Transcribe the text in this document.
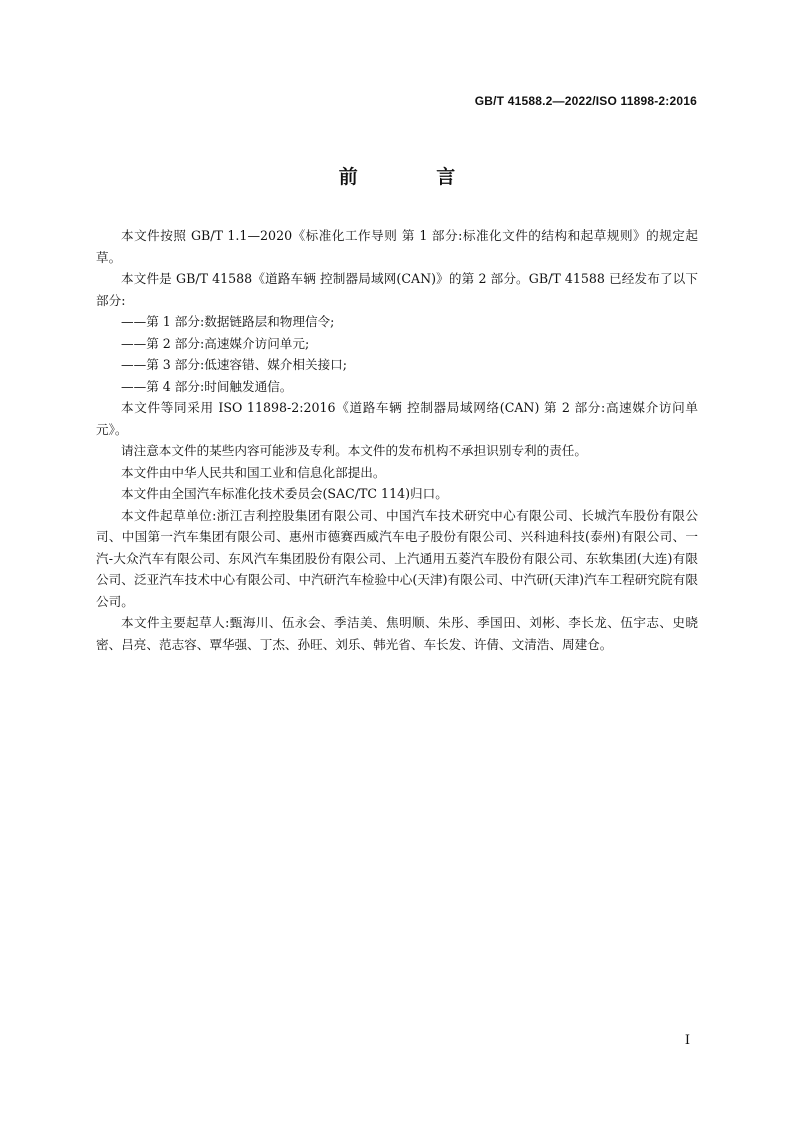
GB/T 41588.2—2022/ISO 11898-2:2016
前 言

本文件按照 GB/T 1.1—2020《标准化工作导则 第 1 部分:标准化文件的结构和起草规则》的规定起草。

本文件是 GB/T 41588《道路车辆 控制器局域网(CAN)》的第 2 部分。GB/T 41588 已经发布了以下部分:

——第 1 部分:数据链路层和物理信令;

——第 2 部分:高速媒介访问单元;

——第 3 部分:低速容错、媒介相关接口;

——第 4 部分:时间触发通信。

本文件等同采用 ISO 11898-2:2016《道路车辆 控制器局域网络(CAN) 第 2 部分:高速媒介访问单元》。

请注意本文件的某些内容可能涉及专利。本文件的发布机构不承担识别专利的责任。

本文件由中华人民共和国工业和信息化部提出。

本文件由全国汽车标准化技术委员会(SAC/TC 114)归口。

本文件起草单位:浙江吉利控股集团有限公司、中国汽车技术研究中心有限公司、长城汽车股份有限公司、中国第一汽车集团有限公司、惠州市德赛西威汽车电子股份有限公司、兴科迪科技(泰州)有限公司、一汽-大众汽车有限公司、东风汽车集团股份有限公司、上汽通用五菱汽车股份有限公司、东软集团(大连)有限公司、泛亚汽车技术中心有限公司、中汽研汽车检验中心(天津)有限公司、中汽研(天津)汽车工程研究院有限公司。

本文件主要起草人:甄海川、伍永会、季洁美、焦明顺、朱彤、季国田、刘彬、李长龙、伍宇志、史晓密、吕亮、范志容、覃华强、丁杰、孙旺、刘乐、韩光省、车长发、许倩、文清浩、周建仓。

I
